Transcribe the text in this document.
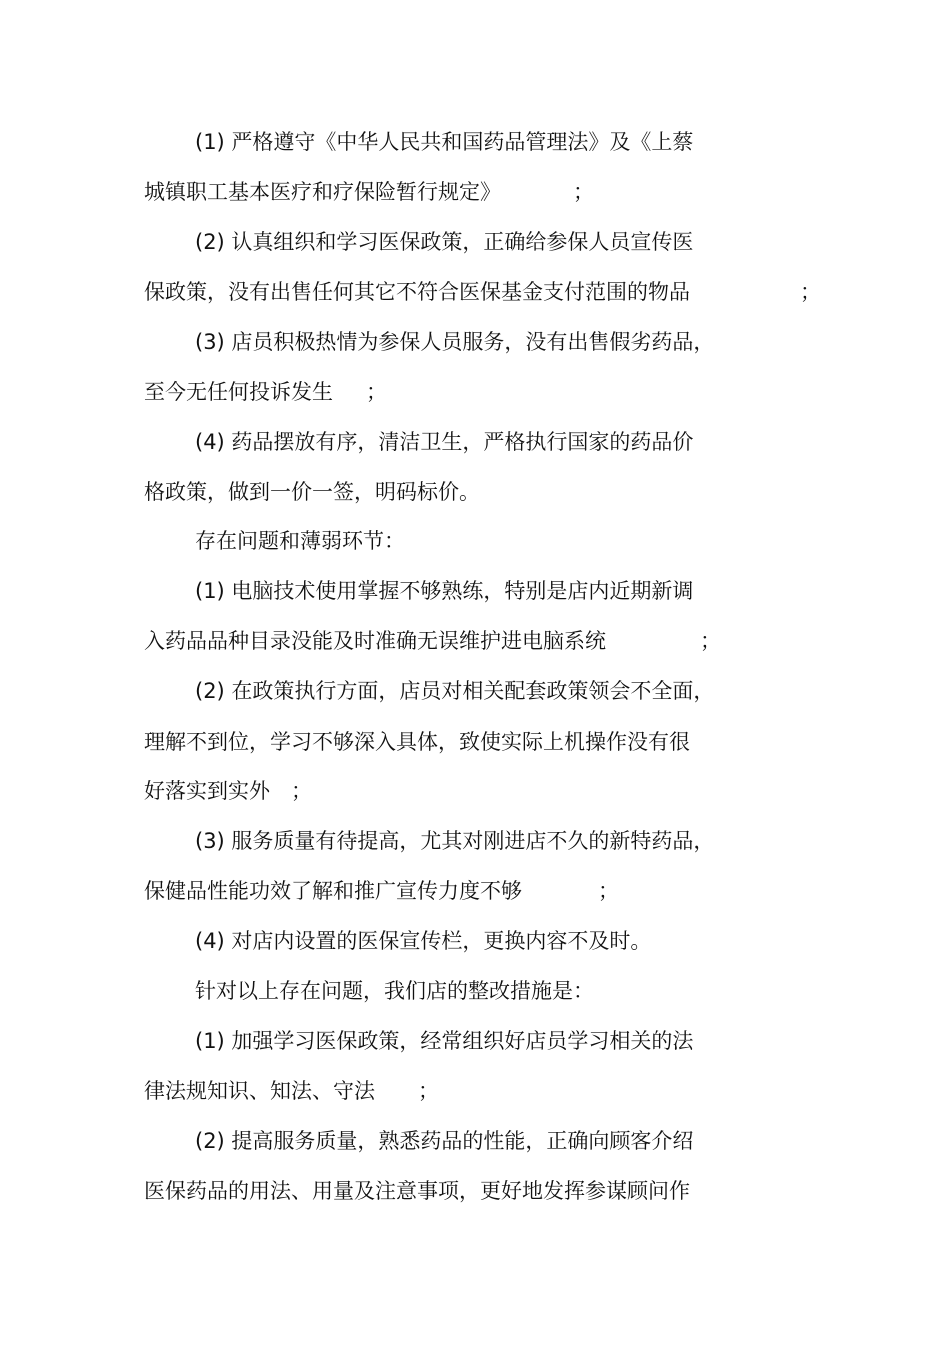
(1) 严格遵守《中华人民共和国药品管理法》及《上蔡
城镇职工基本医疗和疗保险暂行规定》	；
(2) 认真组织和学习医保政策，正确给参保人员宣传医
保政策，没有出售任何其它不符合医保基金支付范围的物品	；
(3) 店员积极热情为参保人员服务，没有出售假劣药品，
至今无任何投诉发生 ；
(4) 药品摆放有序，清洁卫生，严格执行国家的药品价
格政策，做到一价一签，明码标价。
存在问题和薄弱环节：
(1) 电脑技术使用掌握不够熟练，特别是店内近期新调
入药品品种目录没能及时准确无误维护进电脑系统	；
(2) 在政策执行方面，店员对相关配套政策领会不全面，
理解不到位，学习不够深入具体，致使实际上机操作没有很
好落实到实外 ；
(3) 服务质量有待提高，尤其对刚进店不久的新特药品，
保健品性能功效了解和推广宣传力度不够	；
(4) 对店内设置的医保宣传栏，更换内容不及时。
针对以上存在问题，我们店的整改措施是：
(1) 加强学习医保政策，经常组织好店员学习相关的法
律法规知识、知法、守法 ；
(2) 提高服务质量，熟悉药品的性能，正确向顾客介绍
医保药品的用法、用量及注意事项，更好地发挥参谋顾问作
